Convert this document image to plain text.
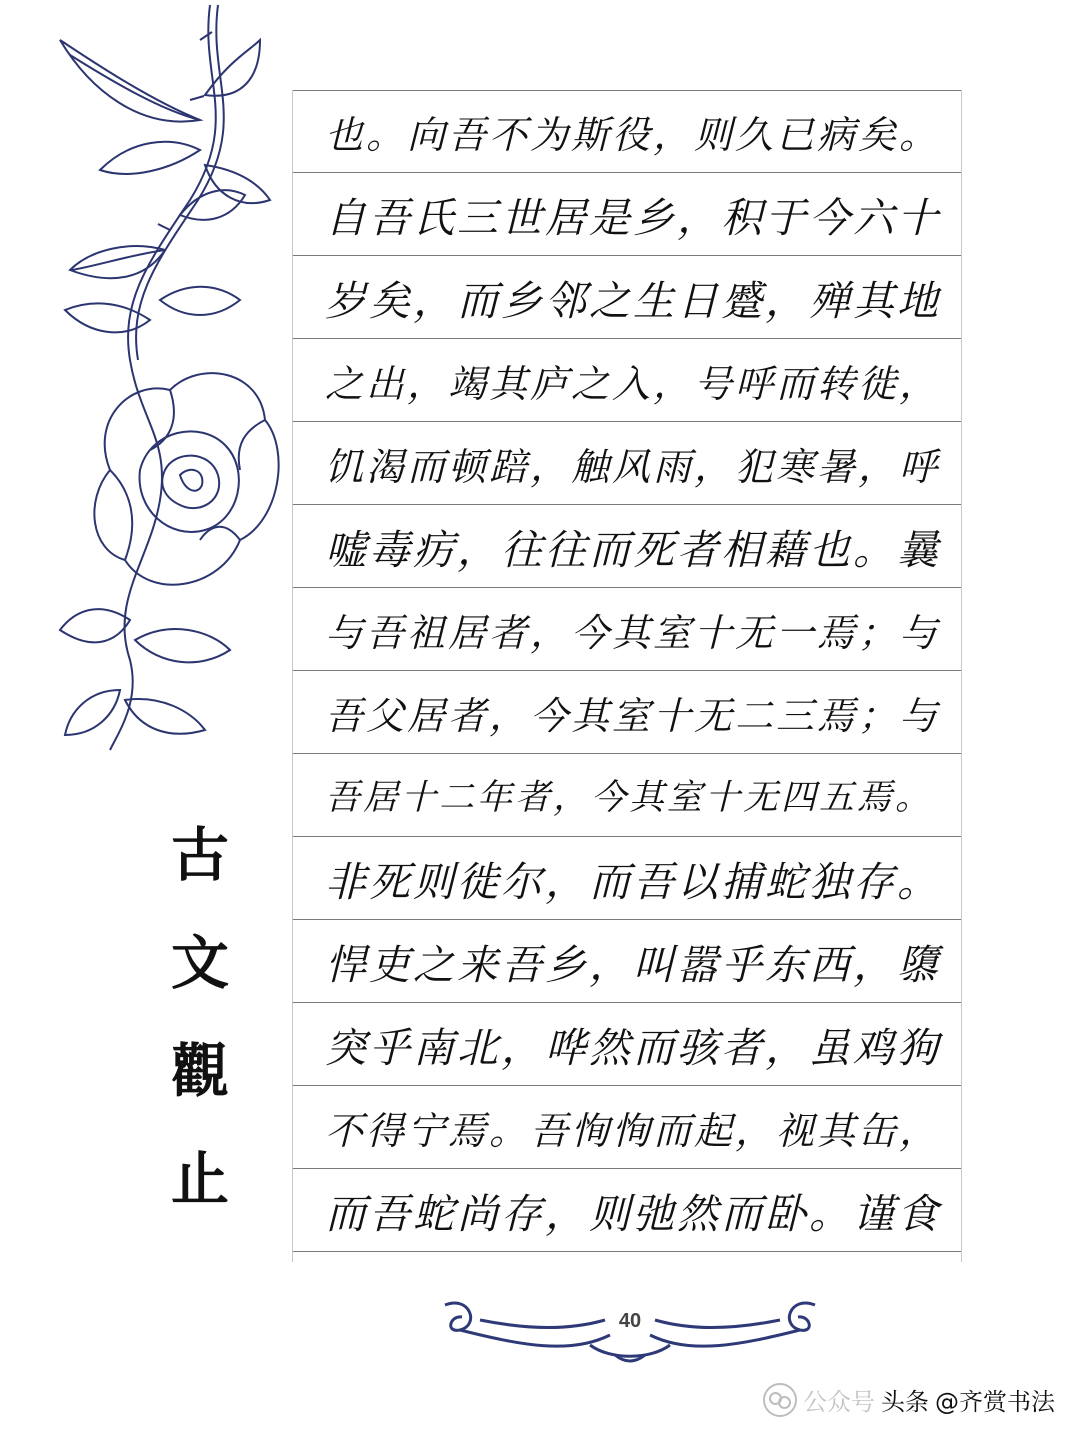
古
文
觀
止
也。向吾不为斯役，则久已病矣。
自吾氏三世居是乡，积于今六十
岁矣，而乡邻之生日蹙，殚其地
之出，竭其庐之入，号呼而转徙，
饥渴而顿踣，触风雨，犯寒暑，呼
嘘毒疠，往往而死者相藉也。曩
与吾祖居者，今其室十无一焉；与
吾父居者，今其室十无二三焉；与
吾居十二年者，今其室十无四五焉。
非死则徙尔，而吾以捕蛇独存。
悍吏之来吾乡，叫嚣乎东西，隳
突乎南北，哗然而骇者，虽鸡狗
不得宁焉。吾恂恂而起，视其缶，
而吾蛇尚存，则弛然而卧。谨食
40
公众号 头条 @齐赏书法
